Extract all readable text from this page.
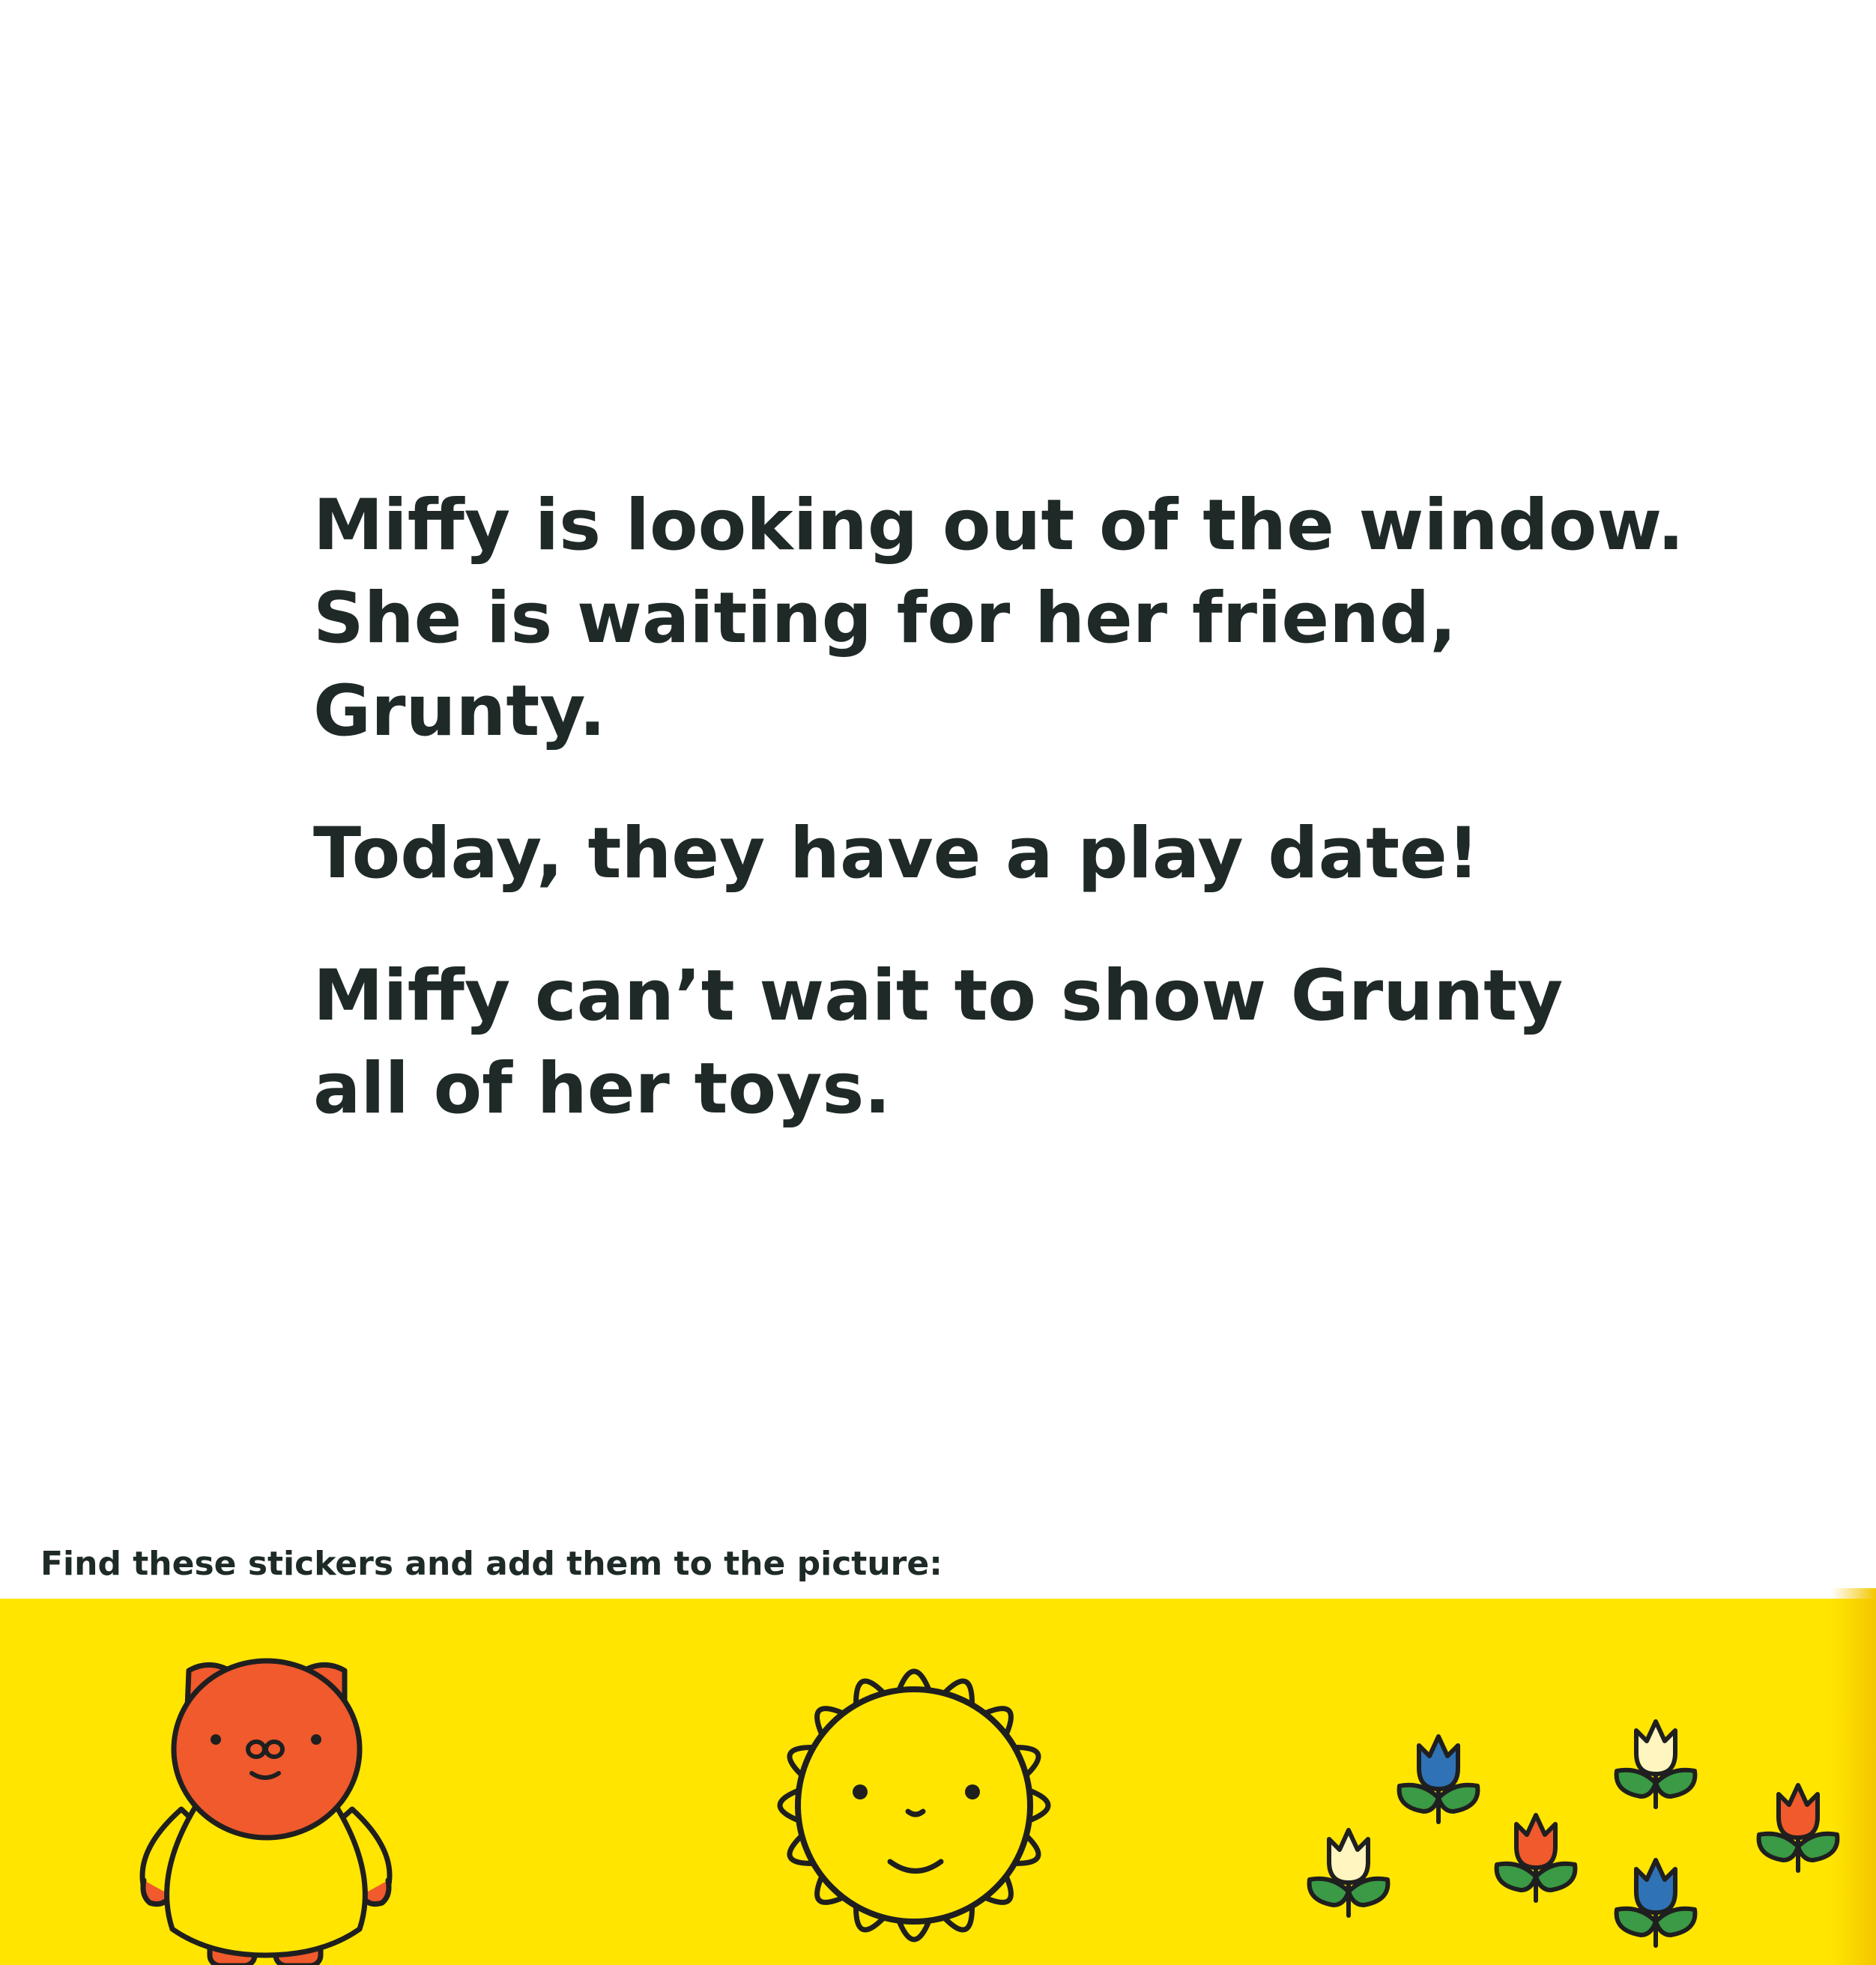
Miffy is looking out of the window.

She is waiting for her friend, Grunty.

Today, they have a play date!

Miffy can’t wait to show Grunty

all of her toys.

Find these stickers and add them to the picture:
